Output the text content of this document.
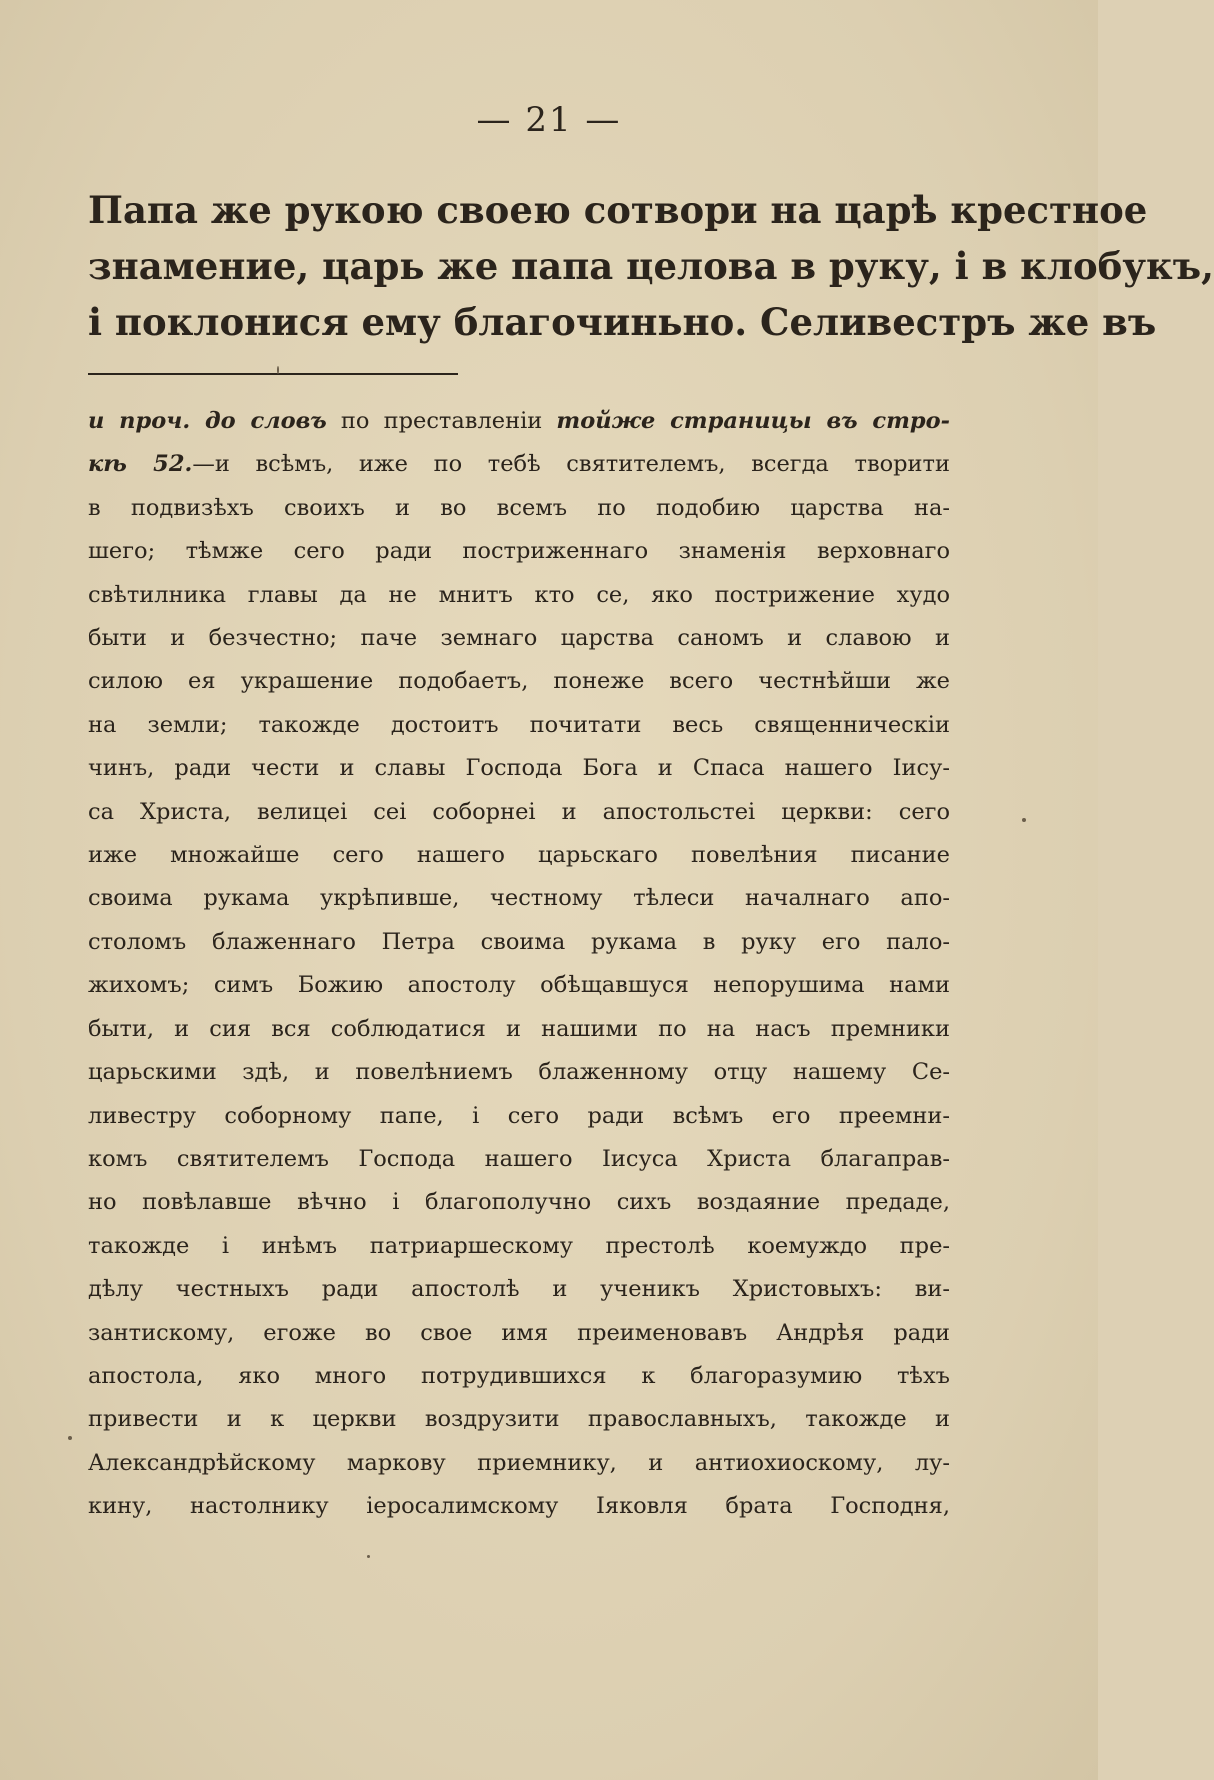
— 21 —
Папа же рукою своею сотвори на царѣ крестное
знамение, царь же папа целова в руку, і в клобукъ,
і поклонися ему благочиньно. Селивестръ же въ
и проч. до словъ по преставленіи тойже страницы въ стро-
кѣ 52.—и всѣмъ, иже по тебѣ святителемъ, всегда творити
в подвизѣхъ своихъ и во всемъ по подобию царства на-
шего; тѣмже сего ради постриженнаго знаменія верховнаго
свѣтилника главы да не мнитъ кто се, яко пострижение худо
быти и безчестно; паче земнаго царства саномъ и славою и
силою ея украшение подобаетъ, понеже всего честнѣйши же
на земли; такожде достоитъ почитати весь священническіи
чинъ, ради чести и славы Господа Бога и Спаса нашего Іису-
са Христа, велицеі сеі соборнеі и апостольстеі церкви: сего
иже множайше сего нашего царьскаго повелѣния писание
своима рукама укрѣпивше, честному тѣлеси началнаго апо-
столомъ блаженнаго Петра своима рукама в руку его пало-
жихомъ; симъ Божию апостолу обѣщавшуся непорушима нами
быти, и сия вся соблюдатися и нашими по на насъ премники
царьскими здѣ, и повелѣниемъ блаженному отцу нашему Се-
ливестру соборному папе, і сего ради всѣмъ его преемни-
комъ святителемъ Господа нашего Іисуса Христа благаправ-
но повѣлавше вѣчно і благополучно сихъ воздаяние предаде,
такожде і инѣмъ патриаршескому престолѣ коемуждо пре-
дѣлу честныхъ ради апостолѣ и ученикъ Христовыхъ: ви-
зантискому, егоже во свое имя преименовавъ Андрѣя ради
апостола, яко много потрудившихся к благоразумию тѣхъ
привести и к церкви воздрузити православныхъ, такожде и
Александрѣйскому маркову приемнику, и антиохиоскому, лу-
кину, настолнику іеросалимскому Іяковля брата Господня,
